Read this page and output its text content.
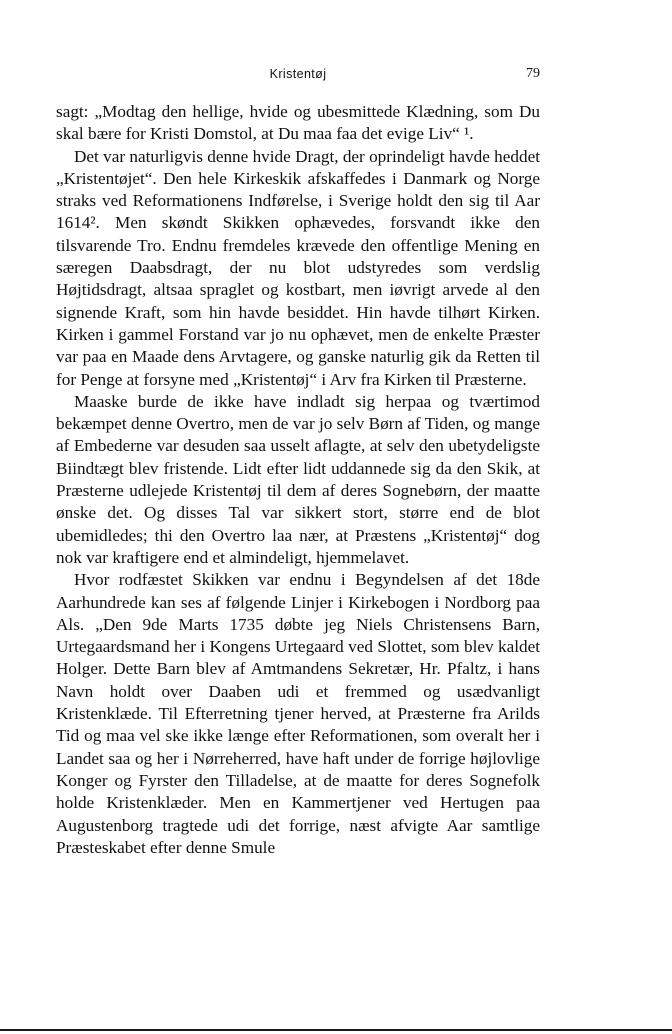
Kristentøj	79

sagt: „Modtag den hellige, hvide og ubesmittede Klædning, som Du skal bære for Kristi Domstol, at Du maa faa det evige Liv“ ¹.

Det var naturligvis denne hvide Dragt, der oprindeligt havde heddet „Kristentøjet“. Den hele Kirkeskik afskaffedes i Danmark og Norge straks ved Reformationens Indførelse, i Sverige holdt den sig til Aar 1614². Men skøndt Skikken ophævedes, forsvandt ikke den tilsvarende Tro. Endnu fremdeles krævede den offentlige Mening en særegen Daabsdragt, der nu blot udstyredes som verdslig Højtidsdragt, altsaa spraglet og kostbart, men iøvrigt arvede al den signende Kraft, som hin havde besiddet. Hin havde tilhørt Kirken. Kirken i gammel Forstand var jo nu ophævet, men de enkelte Præster var paa en Maade dens Arvtagere, og ganske naturlig gik da Retten til for Penge at forsyne med „Kristentøj“ i Arv fra Kirken til Præsterne.

Maaske burde de ikke have indladt sig herpaa og tværtimod bekæmpet denne Overtro, men de var jo selv Børn af Tiden, og mange af Embederne var desuden saa usselt aflagte, at selv den ubetydeligste Biindtægt blev fristende. Lidt efter lidt uddannede sig da den Skik, at Præsterne udlejede Kristentøj til dem af deres Sognebørn, der maatte ønske det. Og disses Tal var sikkert stort, større end de blot ubemidledes; thi den Overtro laa nær, at Præstens „Kristentøj“ dog nok var kraftigere end et almindeligt, hjemmelavet.

Hvor rodfæstet Skikken var endnu i Begyndelsen af det 18de Aarhundrede kan ses af følgende Linjer i Kirkebogen i Nordborg paa Als. „Den 9de Marts 1735 døbte jeg Niels Christensens Barn, Urtegaardsmand her i Kongens Urtegaard ved Slottet, som blev kaldet Holger. Dette Barn blev af Amtmandens Sekretær, Hr. Pfaltz, i hans Navn holdt over Daaben udi et fremmed og usædvanligt Kristenklæde. Til Efterretning tjener herved, at Præsterne fra Arilds Tid og maa vel ske ikke længe efter Reformationen, som overalt her i Landet saa og her i Nørreherred, have haft under de forrige højlovlige Konger og Fyrster den Tilladelse, at de maatte for deres Sognefolk holde Kristenklæder. Men en Kammertjener ved Hertugen paa Augustenborg tragtede udi det forrige, næst afvigte Aar samtlige Præsteskabet efter denne Smule
